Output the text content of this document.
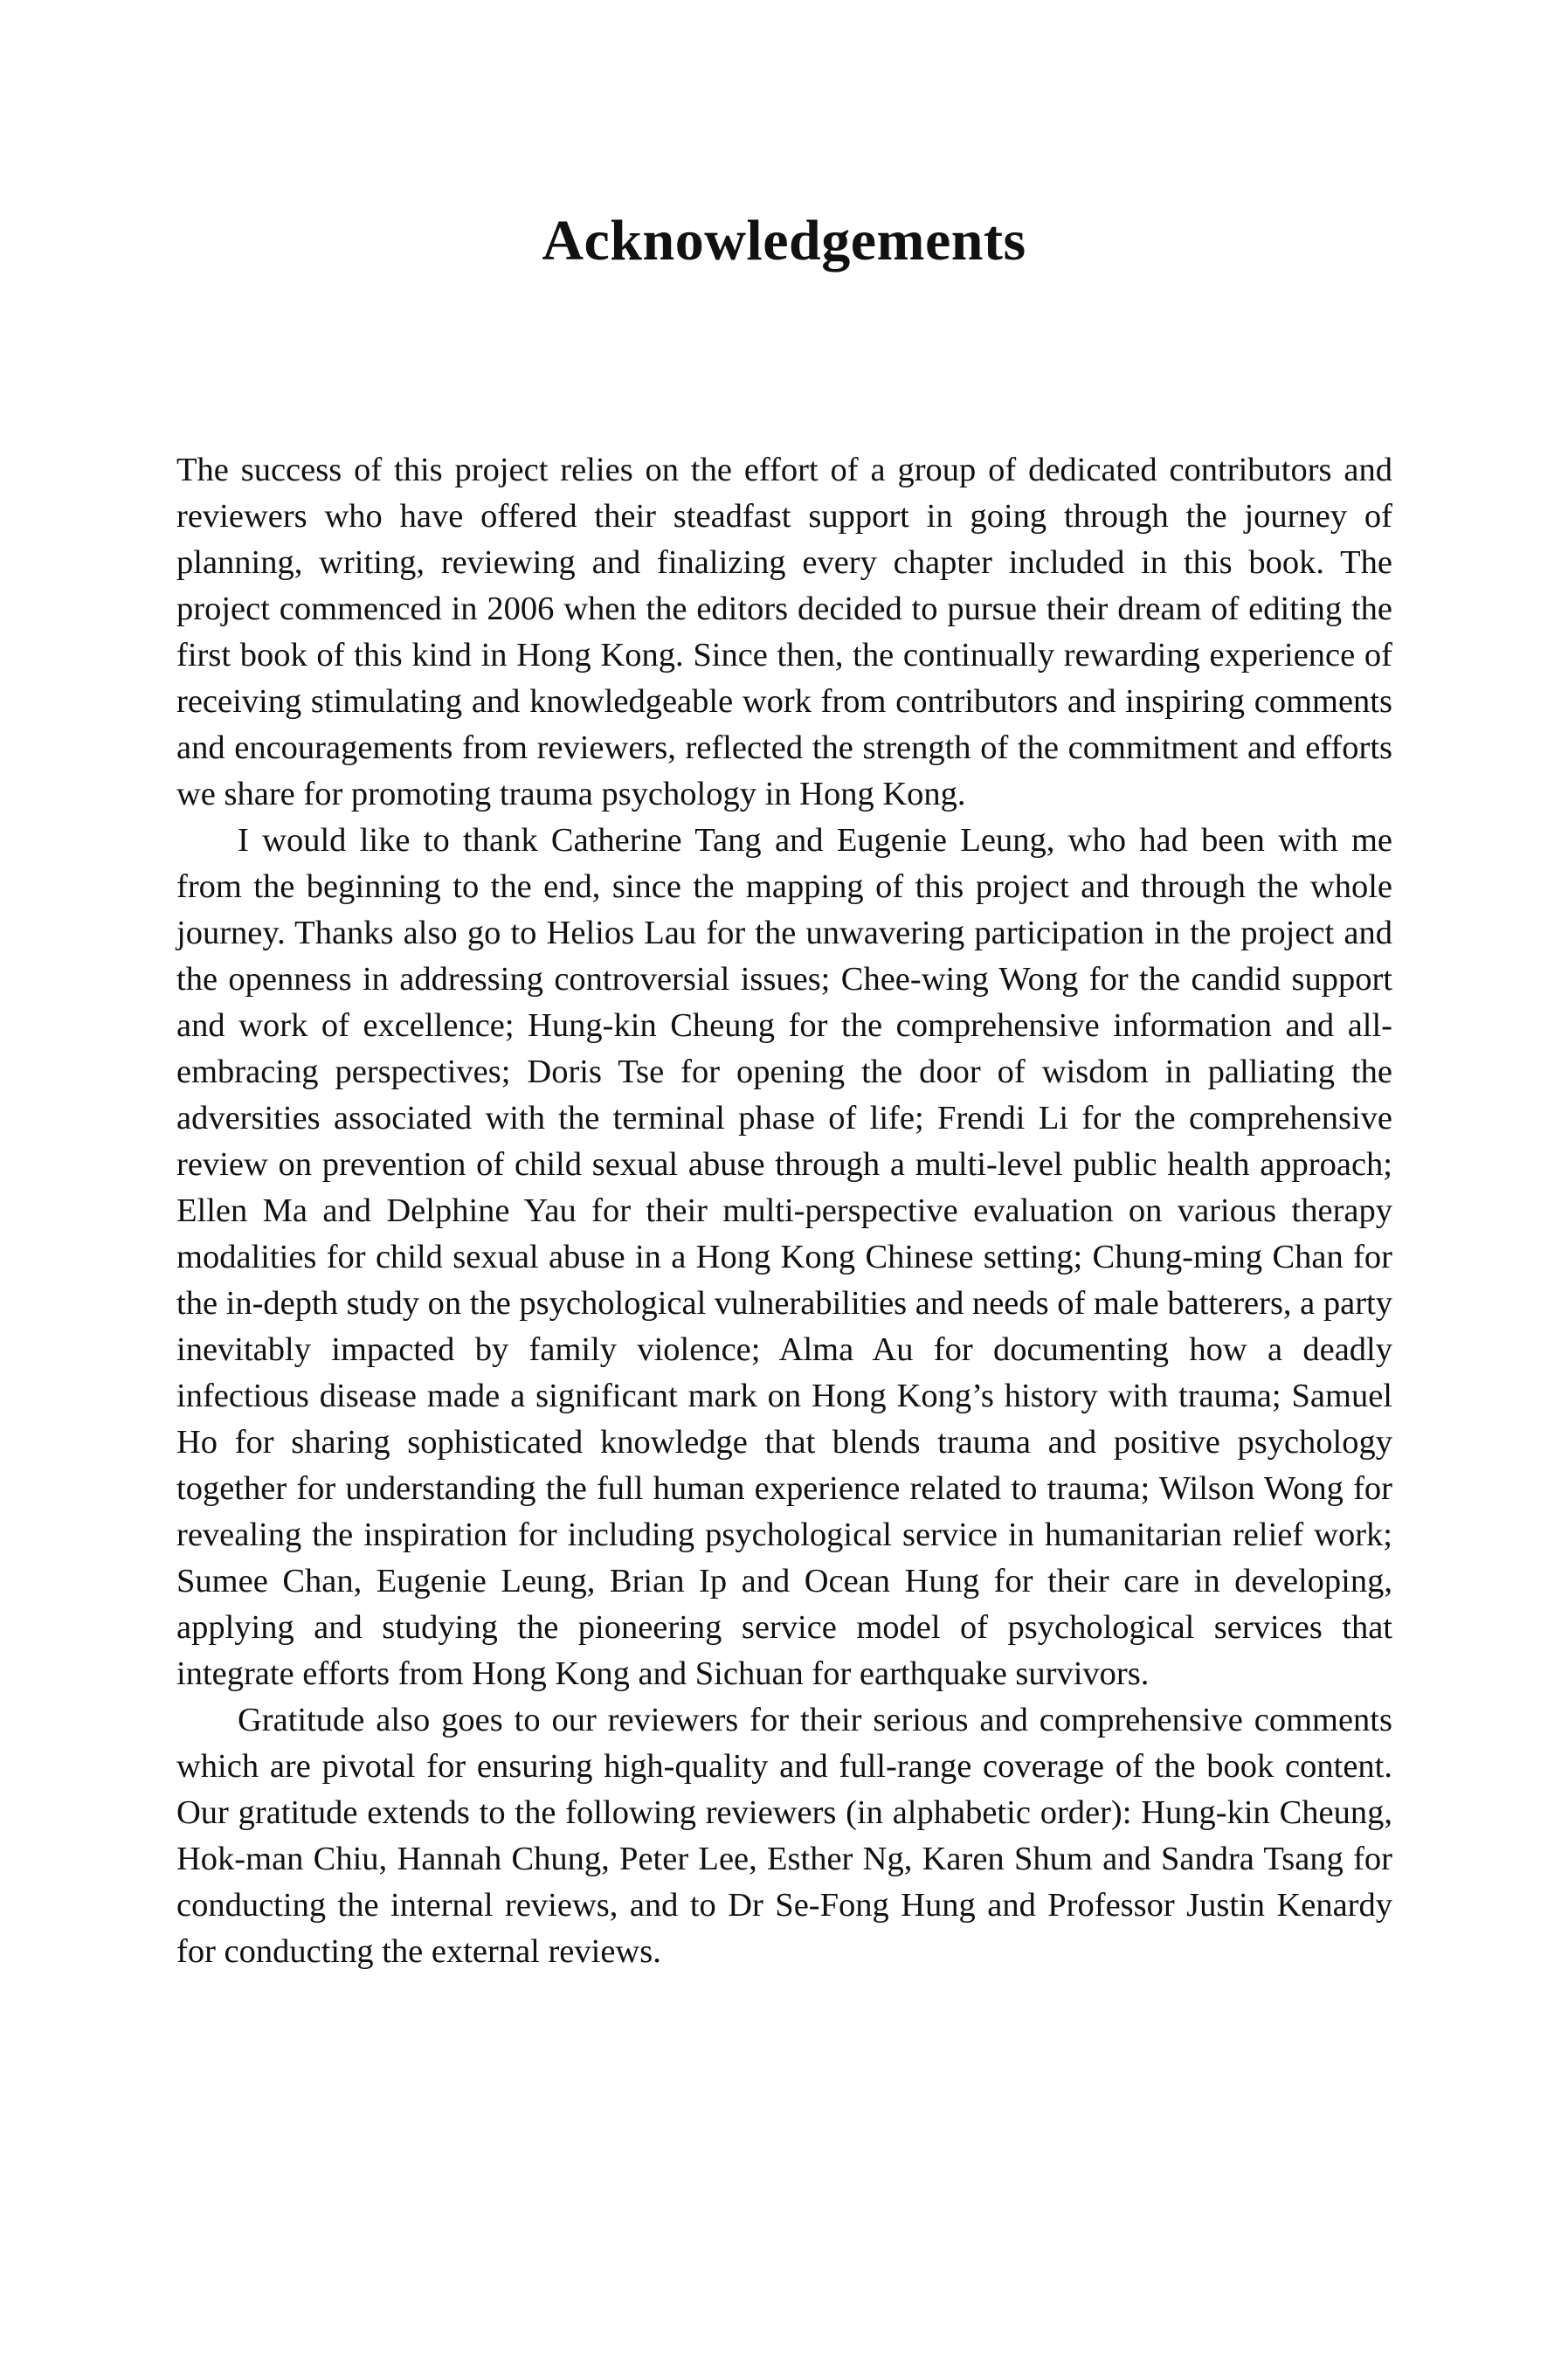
Acknowledgements

The success of this project relies on the effort of a group of dedicated contributors and reviewers who have offered their steadfast support in going through the journey of planning, writing, reviewing and finalizing every chapter included in this book. The project commenced in 2006 when the editors decided to pursue their dream of editing the first book of this kind in Hong Kong. Since then, the continually rewarding experience of receiving stimulating and knowledgeable work from contributors and inspiring comments and encouragements from reviewers, reflected the strength of the commitment and efforts we share for promoting trauma psychology in Hong Kong.

I would like to thank Catherine Tang and Eugenie Leung, who had been with me from the beginning to the end, since the mapping of this project and through the whole journey. Thanks also go to Helios Lau for the unwavering participation in the project and the openness in addressing controversial issues; Chee-wing Wong for the candid support and work of excellence; Hung-kin Cheung for the comprehensive information and all-embracing perspectives; Doris Tse for opening the door of wisdom in palliating the adversities associated with the terminal phase of life; Frendi Li for the comprehensive review on prevention of child sexual abuse through a multi-level public health approach; Ellen Ma and Delphine Yau for their multi-perspective evaluation on various therapy modalities for child sexual abuse in a Hong Kong Chinese setting; Chung-ming Chan for the in-depth study on the psychological vulnerabilities and needs of male batterers, a party inevitably impacted by family violence; Alma Au for documenting how a deadly infectious disease made a significant mark on Hong Kong’s history with trauma; Samuel Ho for sharing sophisticated knowledge that blends trauma and positive psychology together for understanding the full human experience related to trauma; Wilson Wong for revealing the inspiration for including psychological service in humanitarian relief work; Sumee Chan, Eugenie Leung, Brian Ip and Ocean Hung for their care in developing, applying and studying the pioneering service model of psychological services that integrate efforts from Hong Kong and Sichuan for earthquake survivors.

Gratitude also goes to our reviewers for their serious and comprehensive comments which are pivotal for ensuring high-quality and full-range coverage of the book content. Our gratitude extends to the following reviewers (in alphabetic order): Hung-kin Cheung, Hok-man Chiu, Hannah Chung, Peter Lee, Esther Ng, Karen Shum and Sandra Tsang for conducting the internal reviews, and to Dr Se-Fong Hung and Professor Justin Kenardy for conducting the external reviews.
